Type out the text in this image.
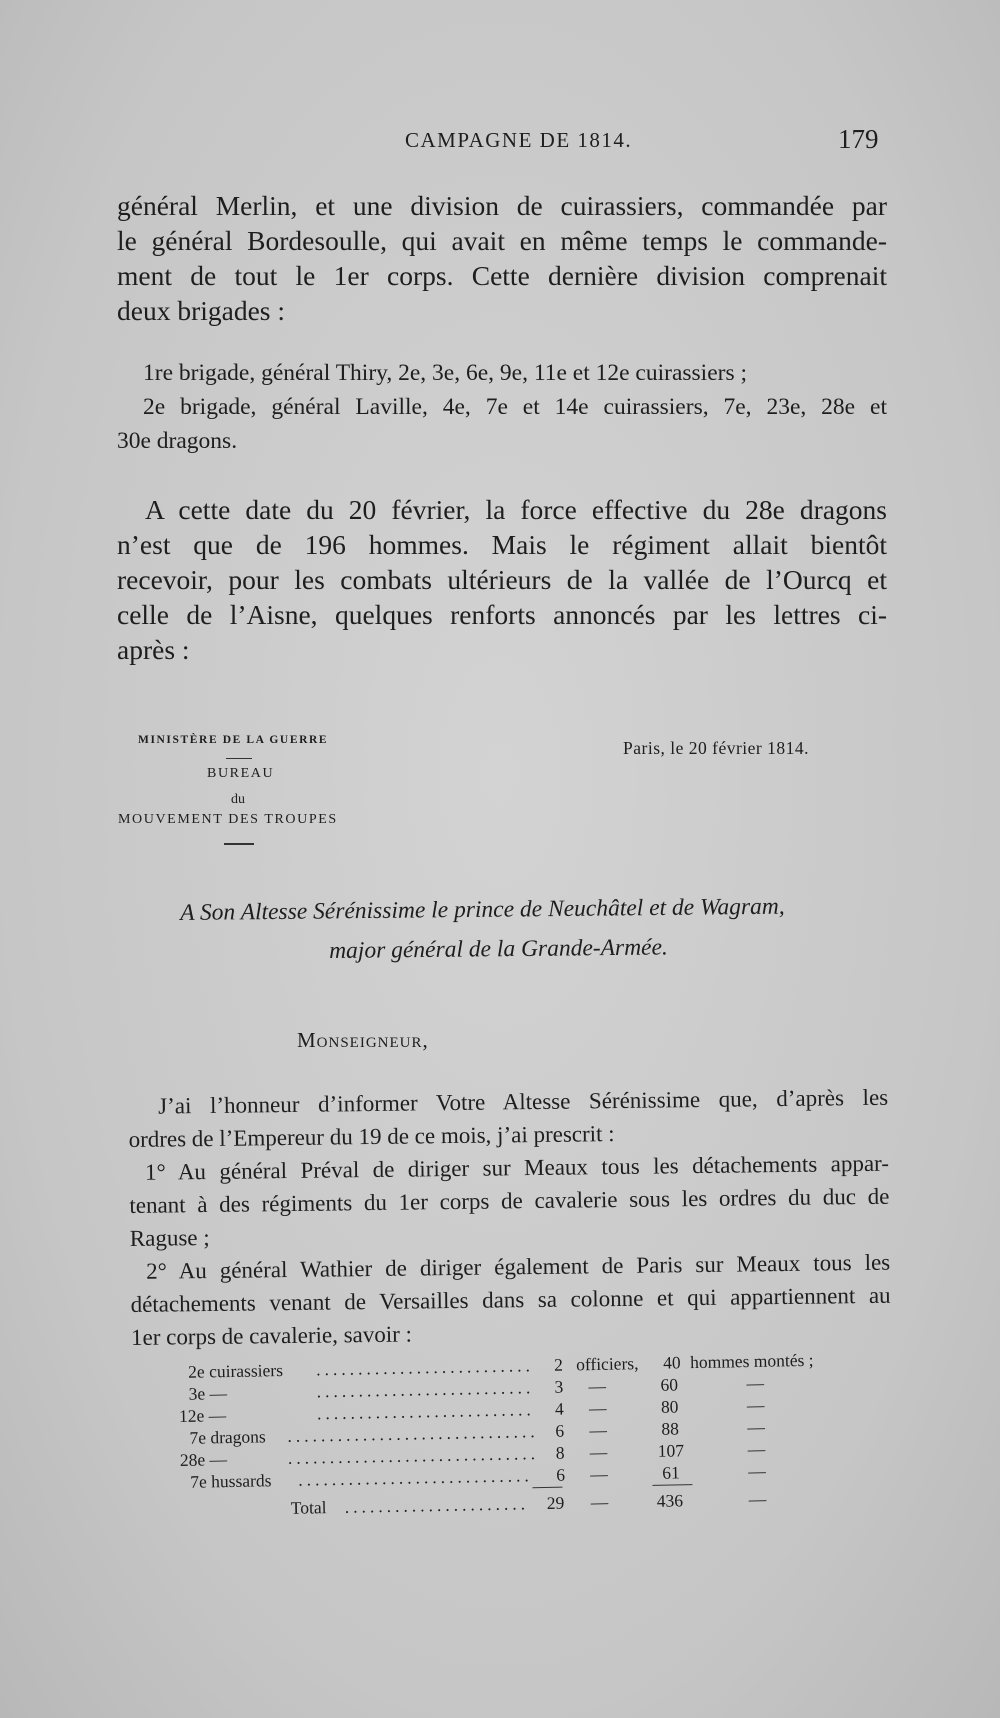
CAMPAGNE DE 1814.	179
général Merlin, et une division de cuirassiers, commandée par
le général Bordesoulle, qui avait en même temps le commande-
ment de tout le 1er corps. Cette dernière division comprenait
deux brigades :
1re brigade, général Thiry, 2e, 3e, 6e, 9e, 11e et 12e cuirassiers ;
2e brigade, général Laville, 4e, 7e et 14e cuirassiers, 7e, 23e, 28e et
30e dragons.
A cette date du 20 février, la force effective du 28e dragons
n’est que de 196 hommes. Mais le régiment allait bientôt
recevoir, pour les combats ultérieurs de la vallée de l’Ourcq et
celle de l’Aisne, quelques renforts annoncés par les lettres ci-
après :
MINISTÈRE DE LA GUERRE
BUREAU
du
MOUVEMENT DES TROUPES
Paris, le 20 février 1814.
A Son Altesse Sérénissime le prince de Neuchâtel et de Wagram,
major général de la Grande-Armée.
Monseigneur,
J’ai l’honneur d’informer Votre Altesse Sérénissime que, d’après les
ordres de l’Empereur du 19 de ce mois, j’ai prescrit :
1° Au général Préval de diriger sur Meaux tous les détachements appar-
tenant à des régiments du 1er corps de cavalerie sous les ordres du duc de
Raguse ;
2° Au général Wathier de diriger également de Paris sur Meaux tous les
détachements venant de Versailles dans sa colonne et qui appartiennent au
1er corps de cavalerie, savoir :
2e cuirassiers .......................... 2 officiers, 40 hommes montés ;
3e —	.......................... 3 —	60	—
12e —	.......................... 4 —	80	—
7e dragons .............................. 6 —	88	—
28e —	.............................. 8 —	107	—
7e hussards ............................ 6 —	61	—
Total ...................... 29 —	436	—
